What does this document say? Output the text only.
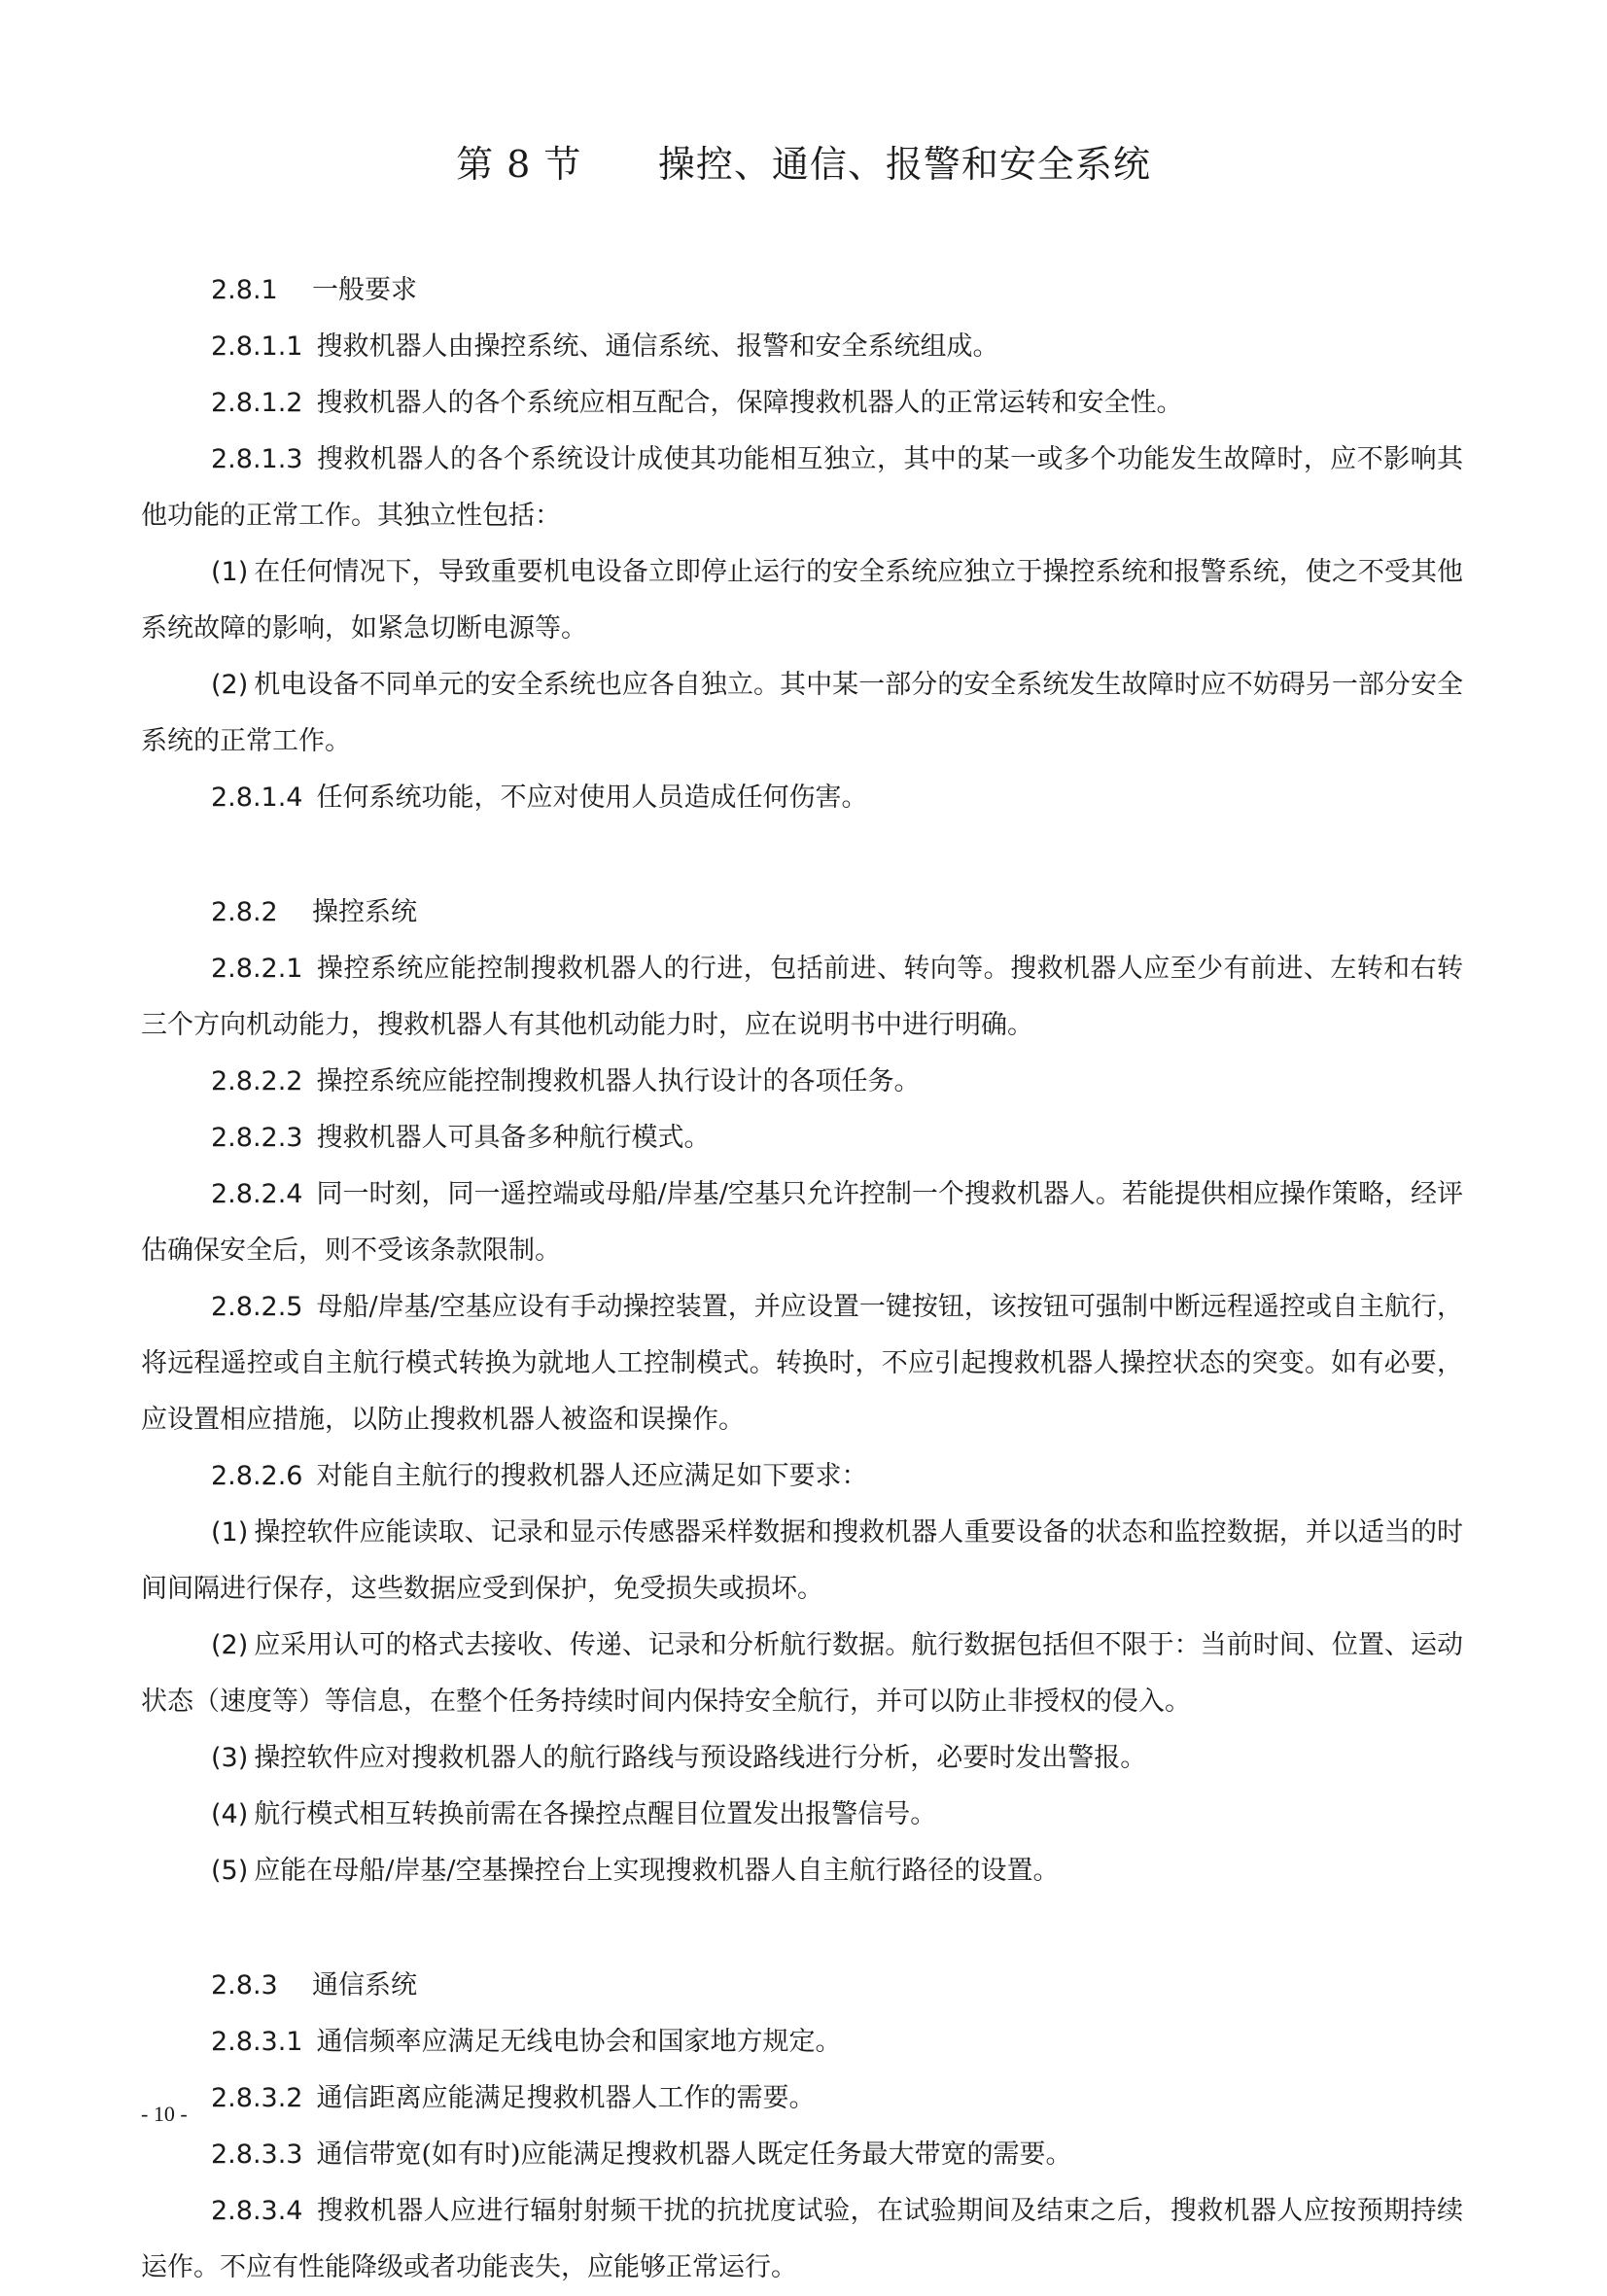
第 8 节      操控、通信、报警和安全系统
2.8.1 一般要求

2.8.1.1 搜救机器人由操控系统、通信系统、报警和安全系统组成。

2.8.1.2 搜救机器人的各个系统应相互配合，保障搜救机器人的正常运转和安全性。

2.8.1.3 搜救机器人的各个系统设计成使其功能相互独立，其中的某一或多个功能发生故障时，应不影响其他功能的正常工作。其独立性包括：

(1) 在任何情况下，导致重要机电设备立即停止运行的安全系统应独立于操控系统和报警系统，使之不受其他系统故障的影响，如紧急切断电源等。

(2) 机电设备不同单元的安全系统也应各自独立。其中某一部分的安全系统发生故障时应不妨碍另一部分安全系统的正常工作。

2.8.1.4 任何系统功能，不应对使用人员造成任何伤害。

2.8.2 操控系统

2.8.2.1 操控系统应能控制搜救机器人的行进，包括前进、转向等。搜救机器人应至少有前进、左转和右转三个方向机动能力，搜救机器人有其他机动能力时，应在说明书中进行明确。

2.8.2.2 操控系统应能控制搜救机器人执行设计的各项任务。

2.8.2.3 搜救机器人可具备多种航行模式。

2.8.2.4 同一时刻，同一遥控端或母船/岸基/空基只允许控制一个搜救机器人。若能提供相应操作策略，经评估确保安全后，则不受该条款限制。

2.8.2.5 母船/岸基/空基应设有手动操控装置，并应设置一键按钮，该按钮可强制中断远程遥控或自主航行，将远程遥控或自主航行模式转换为就地人工控制模式。转换时，不应引起搜救机器人操控状态的突变。如有必要，应设置相应措施，以防止搜救机器人被盗和误操作。

2.8.2.6 对能自主航行的搜救机器人还应满足如下要求：

(1) 操控软件应能读取、记录和显示传感器采样数据和搜救机器人重要设备的状态和监控数据，并以适当的时间间隔进行保存，这些数据应受到保护，免受损失或损坏。

(2) 应采用认可的格式去接收、传递、记录和分析航行数据。航行数据包括但不限于：当前时间、位置、运动状态（速度等）等信息，在整个任务持续时间内保持安全航行，并可以防止非授权的侵入。

(3) 操控软件应对搜救机器人的航行路线与预设路线进行分析，必要时发出警报。

(4) 航行模式相互转换前需在各操控点醒目位置发出报警信号。

(5) 应能在母船/岸基/空基操控台上实现搜救机器人自主航行路径的设置。

2.8.3 通信系统

2.8.3.1 通信频率应满足无线电协会和国家地方规定。

2.8.3.2 通信距离应能满足搜救机器人工作的需要。

2.8.3.3 通信带宽(如有时)应能满足搜救机器人既定任务最大带宽的需要。

2.8.3.4 搜救机器人应进行辐射射频干扰的抗扰度试验，在试验期间及结束之后，搜救机器人应按预期持续运作。不应有性能降级或者功能丧失，应能够正常运行。

- 10 -
